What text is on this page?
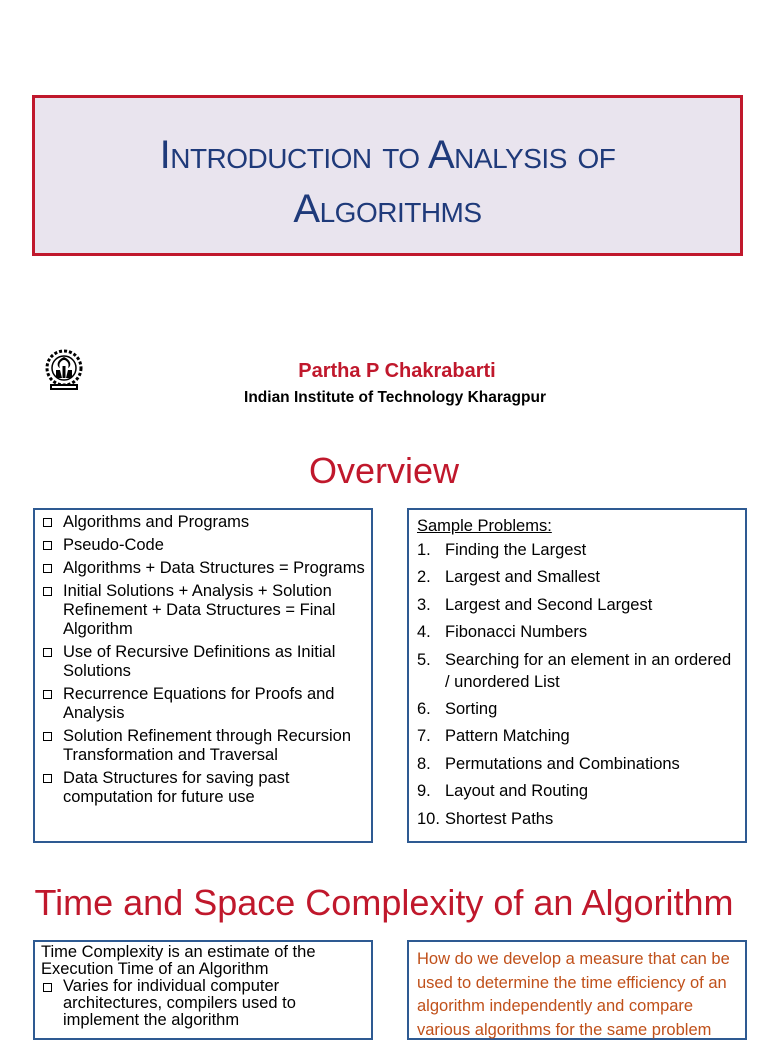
Introduction to Analysis of
Algorithms
Partha P Chakrabarti
Indian Institute of Technology Kharagpur
Overview
Algorithms and Programs
Pseudo-Code
Algorithms + Data Structures = Programs
Initial Solutions + Analysis + Solution Refinement + Data Structures = Final Algorithm
Use of Recursive Definitions as Initial Solutions
Recurrence Equations for Proofs and Analysis
Solution Refinement through Recursion Transformation and Traversal
Data Structures for saving past computation for future use
Sample Problems:
1. Finding the Largest
2. Largest and Smallest
3. Largest and Second Largest
4. Fibonacci Numbers
5. Searching for an element in an ordered / unordered List
6. Sorting
7. Pattern Matching
8. Permutations and Combinations
9. Layout and Routing
10. Shortest Paths
Time and Space Complexity of an Algorithm
Time Complexity is an estimate of the Execution Time of an Algorithm
Varies for individual computer architectures, compilers used to implement the algorithm
How do we develop a measure that can be used to determine the time efficiency of an algorithm independently and compare various algorithms for the same problem
